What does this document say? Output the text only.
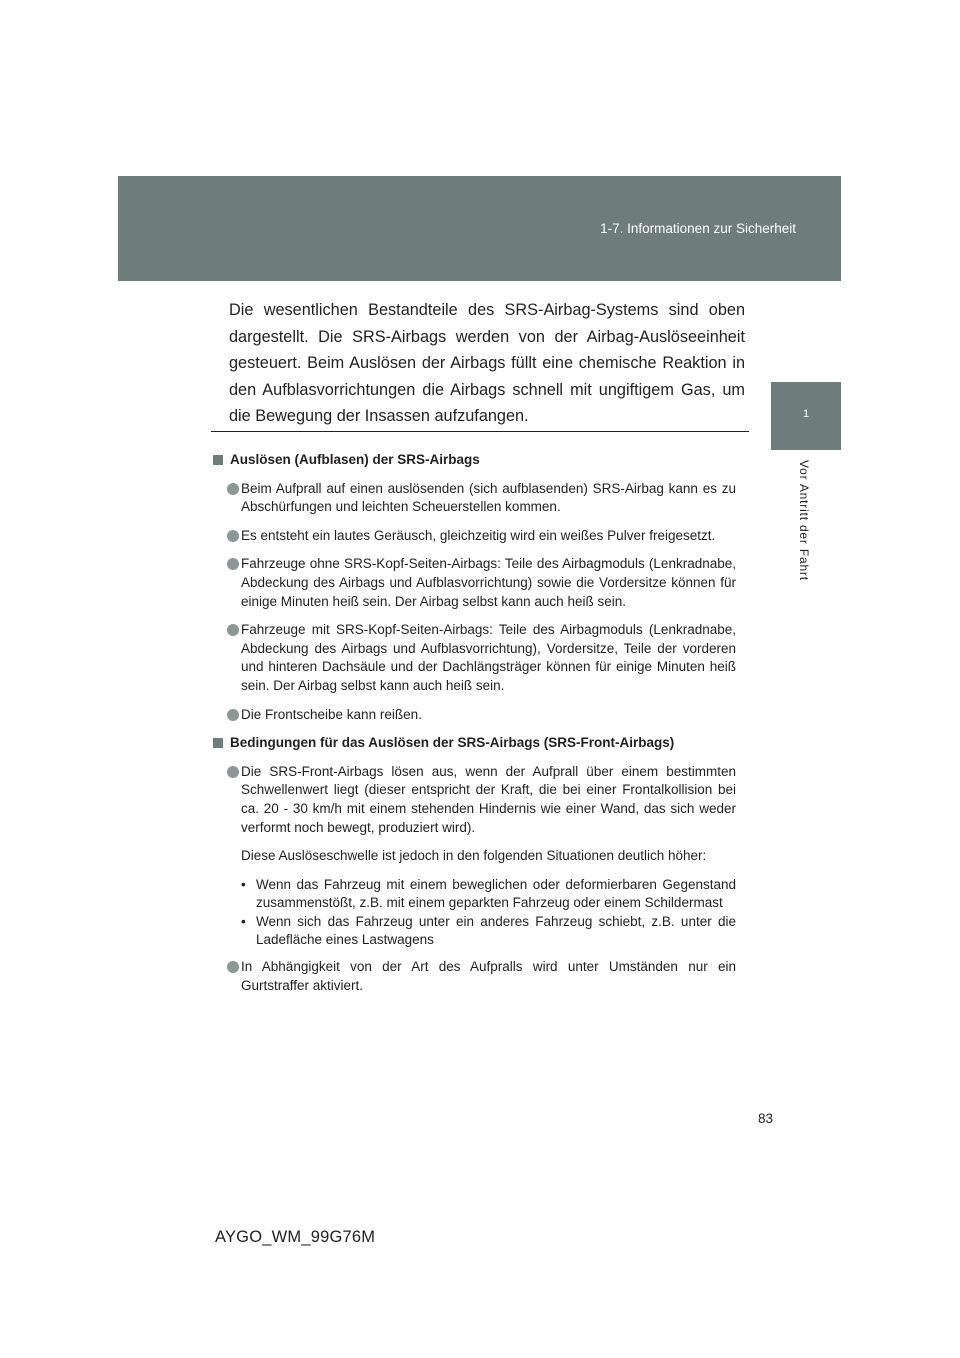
1-7. Informationen zur Sicherheit
1
Vor Antritt der Fahrt

Die wesentlichen Bestandteile des SRS-Airbag-Systems sind oben dargestellt. Die SRS-Airbags werden von der Airbag-Auslöseeinheit gesteuert. Beim Auslösen der Airbags füllt eine chemische Reaktion in den Aufblasvorrichtungen die Airbags schnell mit ungiftigem Gas, um die Bewegung der Insassen aufzufangen.

Auslösen (Aufblasen) der SRS-Airbags
Beim Aufprall auf einen auslösenden (sich aufblasenden) SRS-Airbag kann es zu Abschürfungen und leichten Scheuerstellen kommen.
Es entsteht ein lautes Geräusch, gleichzeitig wird ein weißes Pulver freigesetzt.
Fahrzeuge ohne SRS-Kopf-Seiten-Airbags: Teile des Airbagmoduls (Lenkradnabe, Abdeckung des Airbags und Aufblasvorrichtung) sowie die Vordersitze können für einige Minuten heiß sein. Der Airbag selbst kann auch heiß sein.
Fahrzeuge mit SRS-Kopf-Seiten-Airbags: Teile des Airbagmoduls (Lenkradnabe, Abdeckung des Airbags und Aufblasvorrichtung), Vordersitze, Teile der vorderen und hinteren Dachsäule und der Dachlängsträger können für einige Minuten heiß sein. Der Airbag selbst kann auch heiß sein.
Die Frontscheibe kann reißen.
Bedingungen für das Auslösen der SRS-Airbags (SRS-Front-Airbags)
Die SRS-Front-Airbags lösen aus, wenn der Aufprall über einem bestimmten Schwellenwert liegt (dieser entspricht der Kraft, die bei einer Frontalkollision bei ca. 20 - 30 km/h mit einem stehenden Hindernis wie einer Wand, das sich weder verformt noch bewegt, produziert wird).
Diese Auslöseschwelle ist jedoch in den folgenden Situationen deutlich höher:
• Wenn das Fahrzeug mit einem beweglichen oder deformierbaren Gegenstand zusammenstößt, z.B. mit einem geparkten Fahrzeug oder einem Schildermast
• Wenn sich das Fahrzeug unter ein anderes Fahrzeug schiebt, z.B. unter die Ladefläche eines Lastwagens
In Abhängigkeit von der Art des Aufpralls wird unter Umständen nur ein Gurtstraffer aktiviert.
83
AYGO_WM_99G76M
